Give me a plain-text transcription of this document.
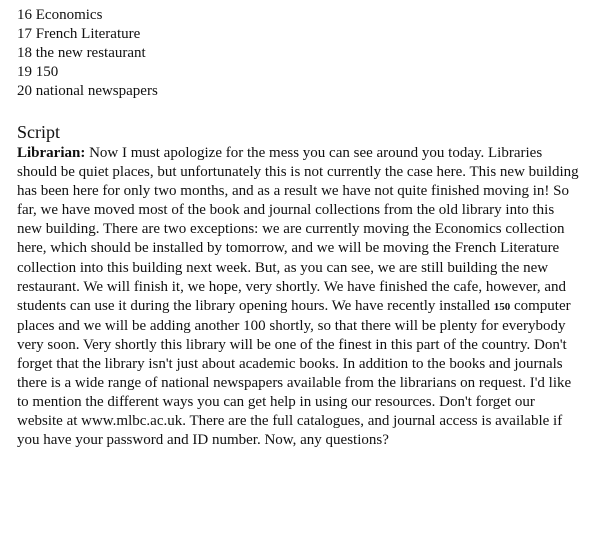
16 Economics
17 French Literature
18 the new restaurant
19 150
20 national newspapers
Script

Librarian: Now I must apologize for the mess you can see around you today. Libraries should be quiet places, but unfortunately this is not currently the case here. This new building has been here for only two months, and as a result we have not quite finished moving in! So far, we have moved most of the book and journal collections from the old library into this new building. There are two exceptions: we are currently moving the Economics collection here, which should be installed by tomorrow, and we will be moving the French Literature collection into this building next week. But, as you can see, we are still building the new restaurant. We will finish it, we hope, very shortly. We have finished the cafe, however, and students can use it during the library opening hours. We have recently installed 150 computer places and we will be adding another 100 shortly, so that there will be plenty for everybody very soon. Very shortly this library will be one of the finest in this part of the country. Don't forget that the library isn't just about academic books. In addition to the books and journals there is a wide range of national newspapers available from the librarians on request. I'd like to mention the different ways you can get help in using our resources. Don't forget our website at www.mlbc.ac.uk. There are the full catalogues, and journal access is available if you have your password and ID number. Now, any questions?
